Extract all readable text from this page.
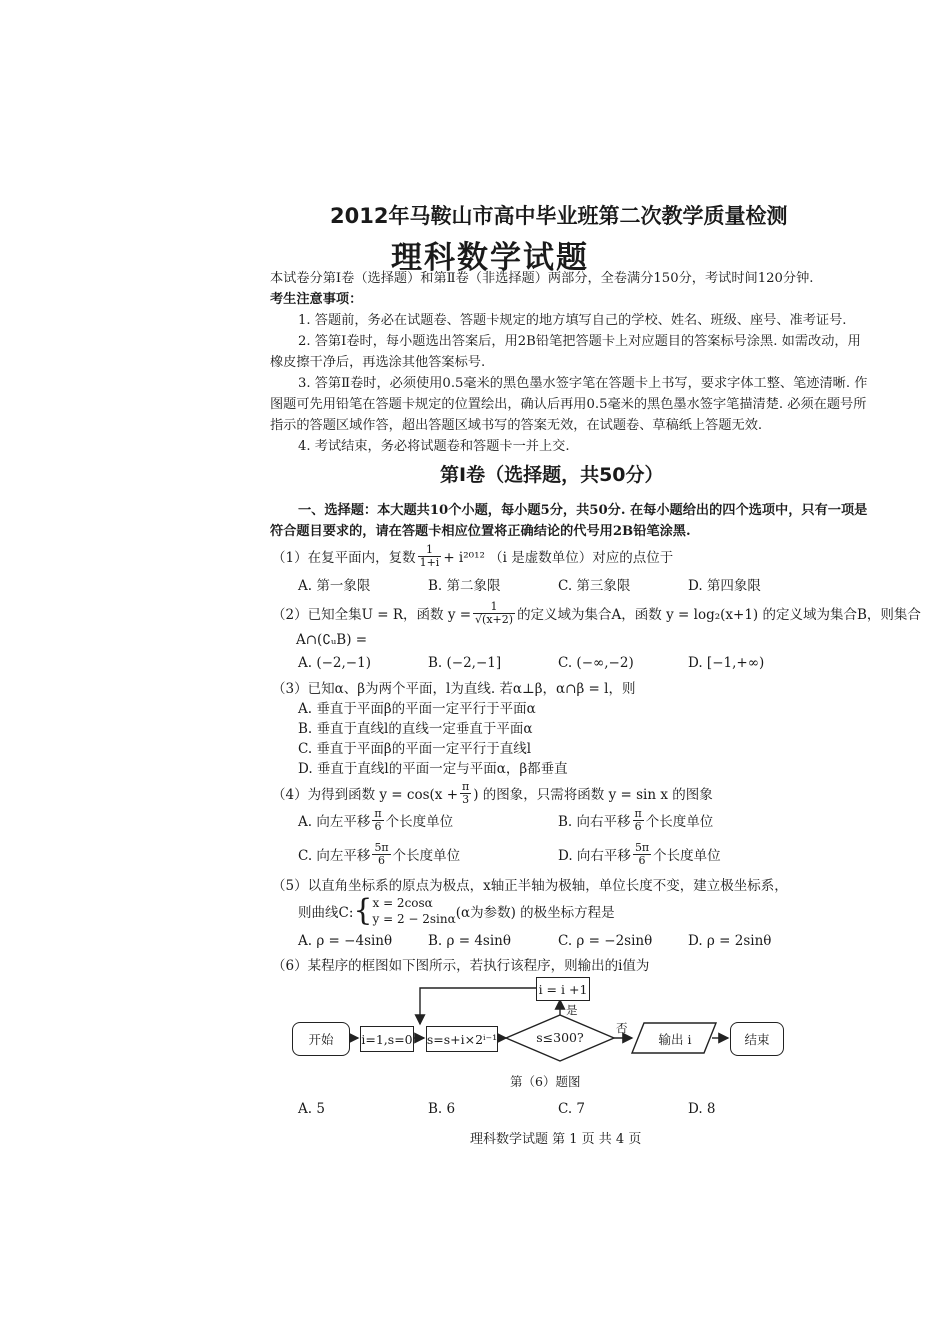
2012年马鞍山市高中毕业班第二次教学质量检测
理科数学试题
本试卷分第Ⅰ卷（选择题）和第Ⅱ卷（非选择题）两部分，全卷满分150分，考试时间120分钟.
考生注意事项：
1. 答题前，务必在试题卷、答题卡规定的地方填写自己的学校、姓名、班级、座号、准考证号.
2. 答第Ⅰ卷时，每小题选出答案后，用2B铅笔把答题卡上对应题目的答案标号涂黑. 如需改动，用
橡皮擦干净后，再选涂其他答案标号.
3. 答第Ⅱ卷时，必须使用0.5毫米的黑色墨水签字笔在答题卡上书写，要求字体工整、笔迹清晰. 作
图题可先用铅笔在答题卡规定的位置绘出，确认后再用0.5毫米的黑色墨水签字笔描清楚. 必须在题号所
指示的答题区域作答，超出答题区域书写的答案无效，在试题卷、草稿纸上答题无效.
4. 考试结束，务必将试题卷和答题卡一并上交.
第Ⅰ卷（选择题，共50分）
一、选择题：本大题共10个小题，每小题5分，共50分. 在每小题给出的四个选项中，只有一项是
符合题目要求的，请在答题卡相应位置将正确结论的代号用2B铅笔涂黑.
（1）在复平面内，复数 $\frac{1}{1+i} + i^{2012}$ （i 是虚数单位）对应的点位于
A. 第一象限	B. 第二象限	C. 第三象限	D. 第四象限
（2）已知全集U = R，函数 $y = \frac{1}{√(x+2)}$ 的定义域为集合A，函数 y = log₂(x+1) 的定义域为集合B，则集合
A∩(∁ᵤB) =
A. (−2,−1)	B. (−2,−1]	C. (−∞,−2)	D. [−1,+∞)
（3）已知α、β为两个平面，l为直线. 若α⊥β，α∩β = l，则
A. 垂直于平面β的平面一定平行于平面α
B. 垂直于直线l的直线一定垂直于平面α
C. 垂直于平面β的平面一定平行于直线l
D. 垂直于直线l的平面一定与平面α，β都垂直
（4）为得到函数 $y = \cos(x + \frac{\pi}{3}$ ) 的图象，只需将函数 y = sin x 的图象
A. 向左平移 $\frac{\pi}{6}$ 个长度单位	B. 向右平移 $\frac{\pi}{6}$ 个长度单位
C. 向左平移 $\frac{5\pi}{6}$ 个长度单位	D. 向右平移 $\frac{5\pi}{6}$ 个长度单位
（5）以直角坐标系的原点为极点，x轴正半轴为极轴，单位长度不变，建立极坐标系，
则曲线C: { x = 2cosα
y = 2 − 2sinα (α为参数) 的极坐标方程是
A. ρ = −4sinθ	B. ρ = 4sinθ	C. ρ = −2sinθ	D. ρ = 2sinθ
（6）某程序的框图如下图所示，若执行该程序，则输出的i值为
开始	i=1,s=0 s=s+i×2ⁱ⁻¹	s≤300?
i = i +1
是
否
输出 i	结束
第（6）题图
A. 5	B. 6	C. 7	D. 8
理科数学试题 第 1 页 共 4 页
